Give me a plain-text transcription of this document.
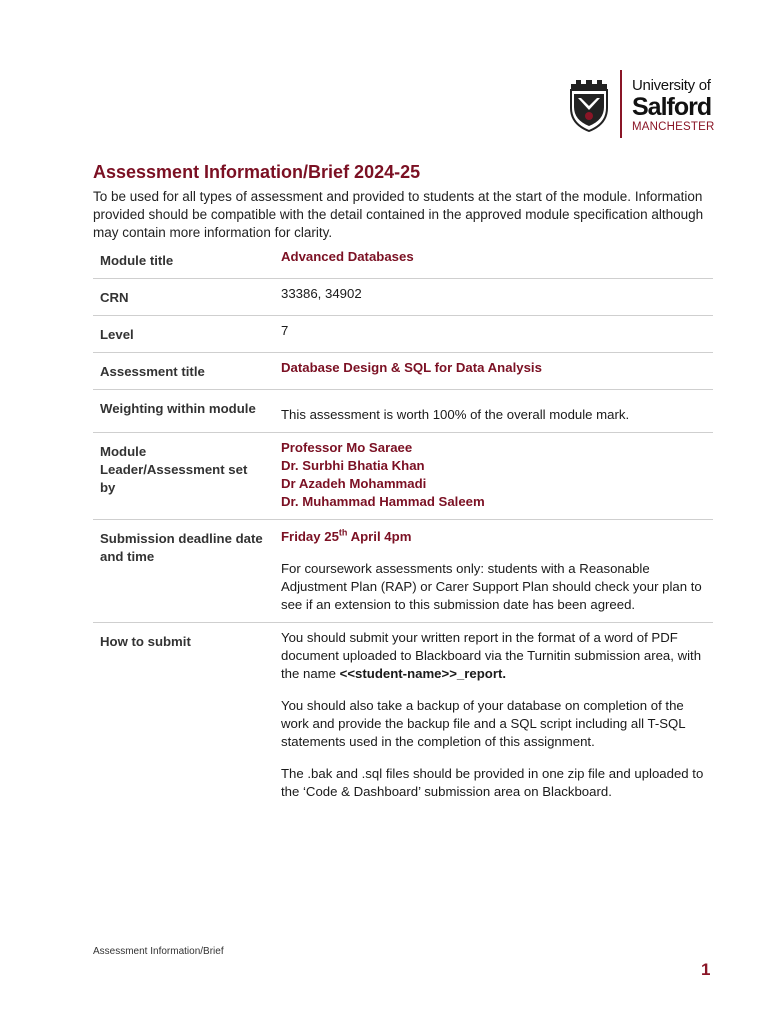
University of
Salford
MANCHESTER
Assessment Information/Brief 2024-25

To be used for all types of assessment and provided to students at the start of the module. Information provided should be compatible with the detail contained in the approved module specification although may contain more information for clarity.

Module title	Advanced Databases
CRN	33386, 34902
Level	7
Assessment title	Database Design & SQL for Data Analysis
Weighting within module	This assessment is worth 100% of the overall module mark.
Module Leader/Assessment set by	Professor Mo Saraee
Dr. Surbhi Bhatia Khan
Dr Azadeh Mohammadi
Dr. Muhammad Hammad Saleem

Submission deadline date and time	Friday 25th April 4pm
For coursework assessments only: students with a Reasonable Adjustment Plan (RAP) or Carer Support Plan should check your plan to see if an extension to this submission date has been agreed.

How to submit	You should submit your written report in the format of a word of PDF document uploaded to Blackboard via the Turnitin submission area, with the name <<student-name>>_report.
You should also take a backup of your database on completion of the work and provide the backup file and a SQL script including all T-SQL statements used in the completion of this assignment.
The .bak and .sql files should be provided in one zip file and uploaded to the ‘Code & Dashboard’ submission area on Blackboard.
Assessment Information/Brief
1
